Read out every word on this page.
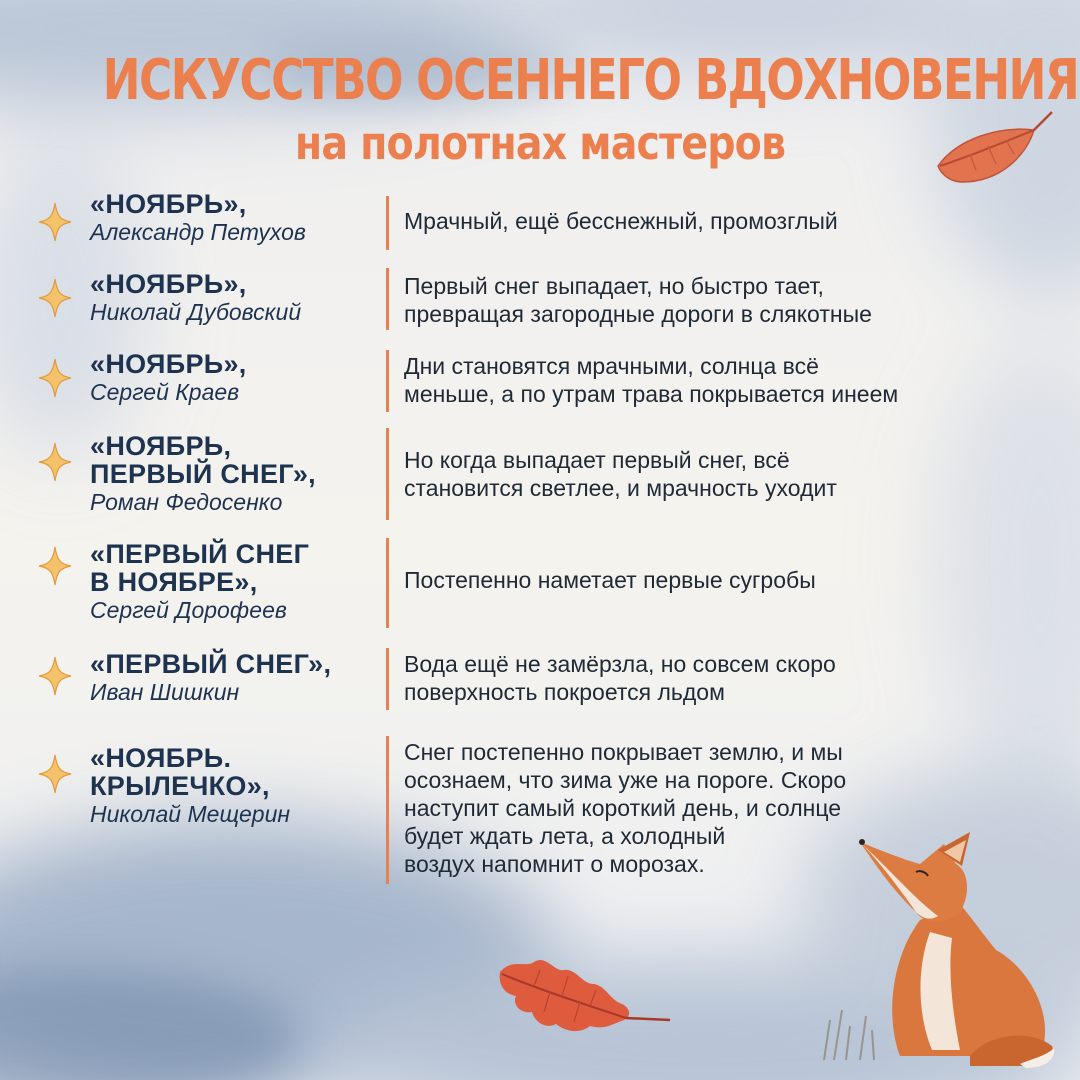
ИСКУССТВО ОСЕННЕГО ВДОХНОВЕНИЯ
на полотнах мастеров
«НОЯБРЬ»,
Александр Петухов	Мрачный, ещё бесснежный, промозглый
«НОЯБРЬ»,
Николай Дубовский
Первый снег выпадает, но быстро тает,
превращая загородные дороги в слякотные
«НОЯБРЬ»,
Сергей Краев
Дни становятся мрачными, солнца всё
меньше, а по утрам трава покрывается инеем
«НОЯБРЬ,
ПЕРВЫЙ СНЕГ»,
Роман Федосенко
Но когда выпадает первый снег, всё
становится светлее, и мрачность уходит
«ПЕРВЫЙ СНЕГ
В НОЯБРЕ»,
Сергей Дорофеев
Постепенно наметает первые сугробы
«ПЕРВЫЙ СНЕГ»,
Иван Шишкин
Вода ещё не замёрзла, но совсем скоро
поверхность покроется льдом
«НОЯБРЬ.
КРЫЛЕЧКО»,
Николай Мещерин
Снег постепенно покрывает землю, и мы
осознаем, что зима уже на пороге. Скоро
наступит самый короткий день, и солнце
будет ждать лета, а холодный
воздух напомнит о морозах.
